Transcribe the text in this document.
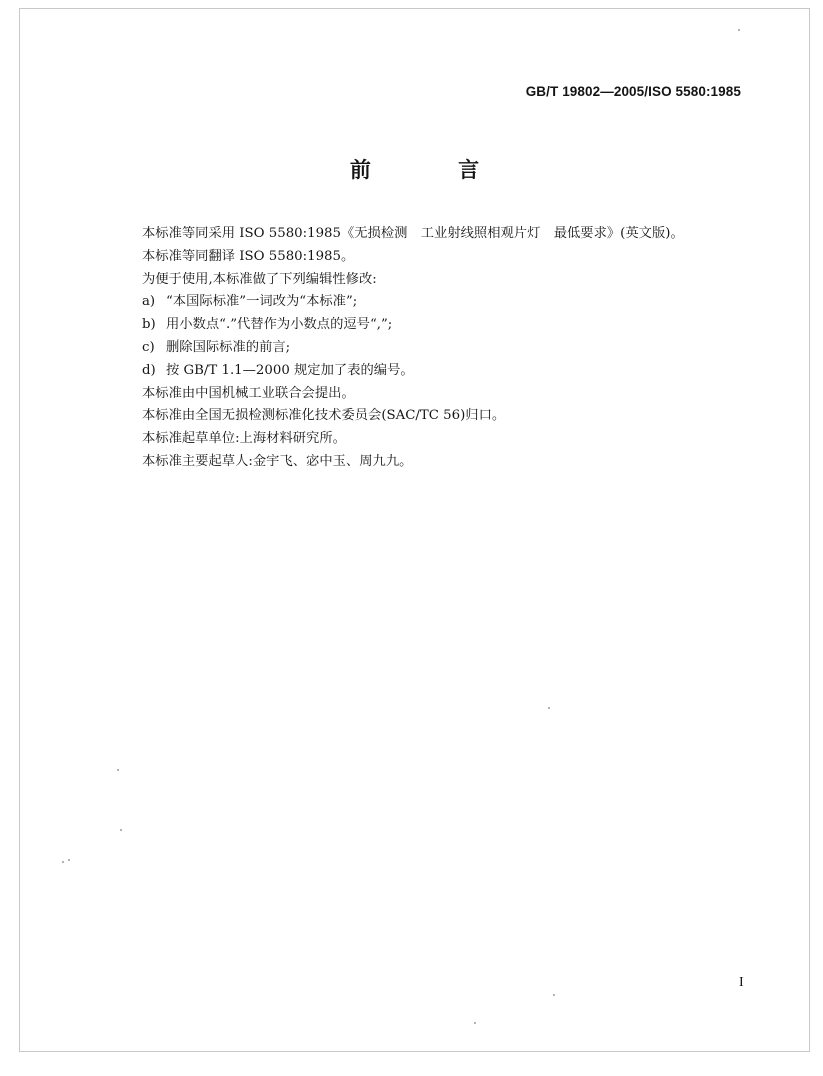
GB/T 19802—2005/ISO 5580:1985
前 言
本标准等同采用 ISO 5580:1985《无损检测　工业射线照相观片灯　最低要求》(英文版)。
本标准等同翻译 ISO 5580:1985。
为便于使用,本标准做了下列编辑性修改:
a) “本国际标准”一词改为“本标准”;
b) 用小数点“.”代替作为小数点的逗号“,”;
c) 删除国际标准的前言;
d) 按 GB/T 1.1—2000 规定加了表的编号。
本标准由中国机械工业联合会提出。
本标准由全国无损检测标准化技术委员会(SAC/TC 56)归口。
本标准起草单位:上海材料研究所。
本标准主要起草人:金宇飞、宓中玉、周九九。
I
